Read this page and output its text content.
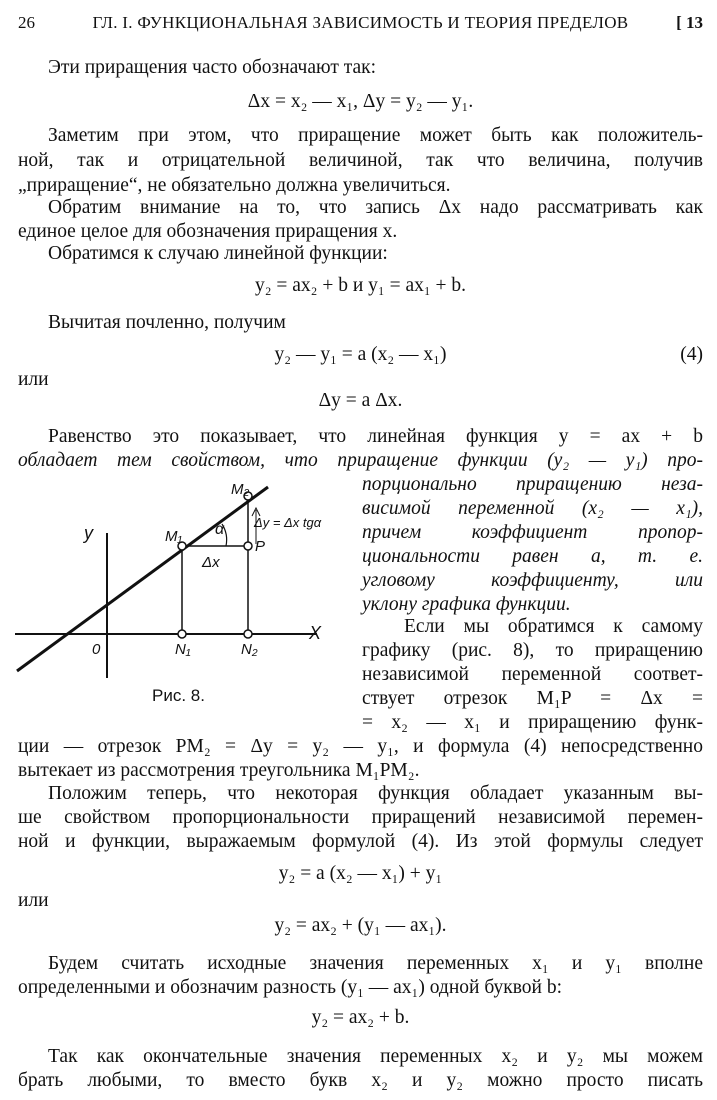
26	ГЛ. I. ФУНКЦИОНАЛЬНАЯ ЗАВИСИМОСТЬ И ТЕОРИЯ ПРЕДЕЛОВ	[ 13
Эти приращения часто обозначают так:
Δx = x₂ — x₁, Δy = y₂ — y₁.
Заметим при этом, что приращение может быть как положитель-
ной, так и отрицательной величиной, так что величина, получив
„приращение“, не обязательно должна увеличиться.
Обратим внимание на то, что запись Δx надо рассматривать как
единое целое для обозначения приращения x.
Обратимся к случаю линейной функции:
y₂ = ax₂ + b и y₁ = ax₁ + b.
Вычитая почленно, получим
y₂ — y₁ = a (x₂ — x₁)	(4)
или
Δy = a Δx.
Равенство это показывает, что линейная функция y = ax + b
обладает тем свойством, что приращение функции (y₂ — y₁) про-
порционально приращению неза-
висимой переменной (x₂ — x₁),
причем коэффициент пропор-
циональности равен a, т. е.
угловому коэффициенту, или
уклону графика функции.
Если мы обратимся к самому
графику (рис. 8), то приращению
независимой переменной соответ-
ствует отрезок M₁P = Δx =
= x₂ — x₁ и приращению функ-
y
X
0
M₁
M₂
P
N₁	N₂
α
Δx
Δy = Δx tgα
Рис. 8.
ции — отрезок PM₂ = Δy = y₂ — y₁, и формула (4) непосредственно
вытекает из рассмотрения треугольника M₁PM₂.
Положим теперь, что некоторая функция обладает указанным вы-
ше свойством пропорциональности приращений независимой перемен-
ной и функции, выражаемым формулой (4). Из этой формулы следует
y₂ = a (x₂ — x₁) + y₁
или
y₂ = ax₂ + (y₁ — ax₁).
Будем считать исходные значения переменных x₁ и y₁ вполне
определенными и обозначим разность (y₁ — ax₁) одной буквой b:
y₂ = ax₂ + b.
Так как окончательные значения переменных x₂ и y₂ мы можем
брать любыми, то вместо букв x₂ и y₂ можно просто писать
